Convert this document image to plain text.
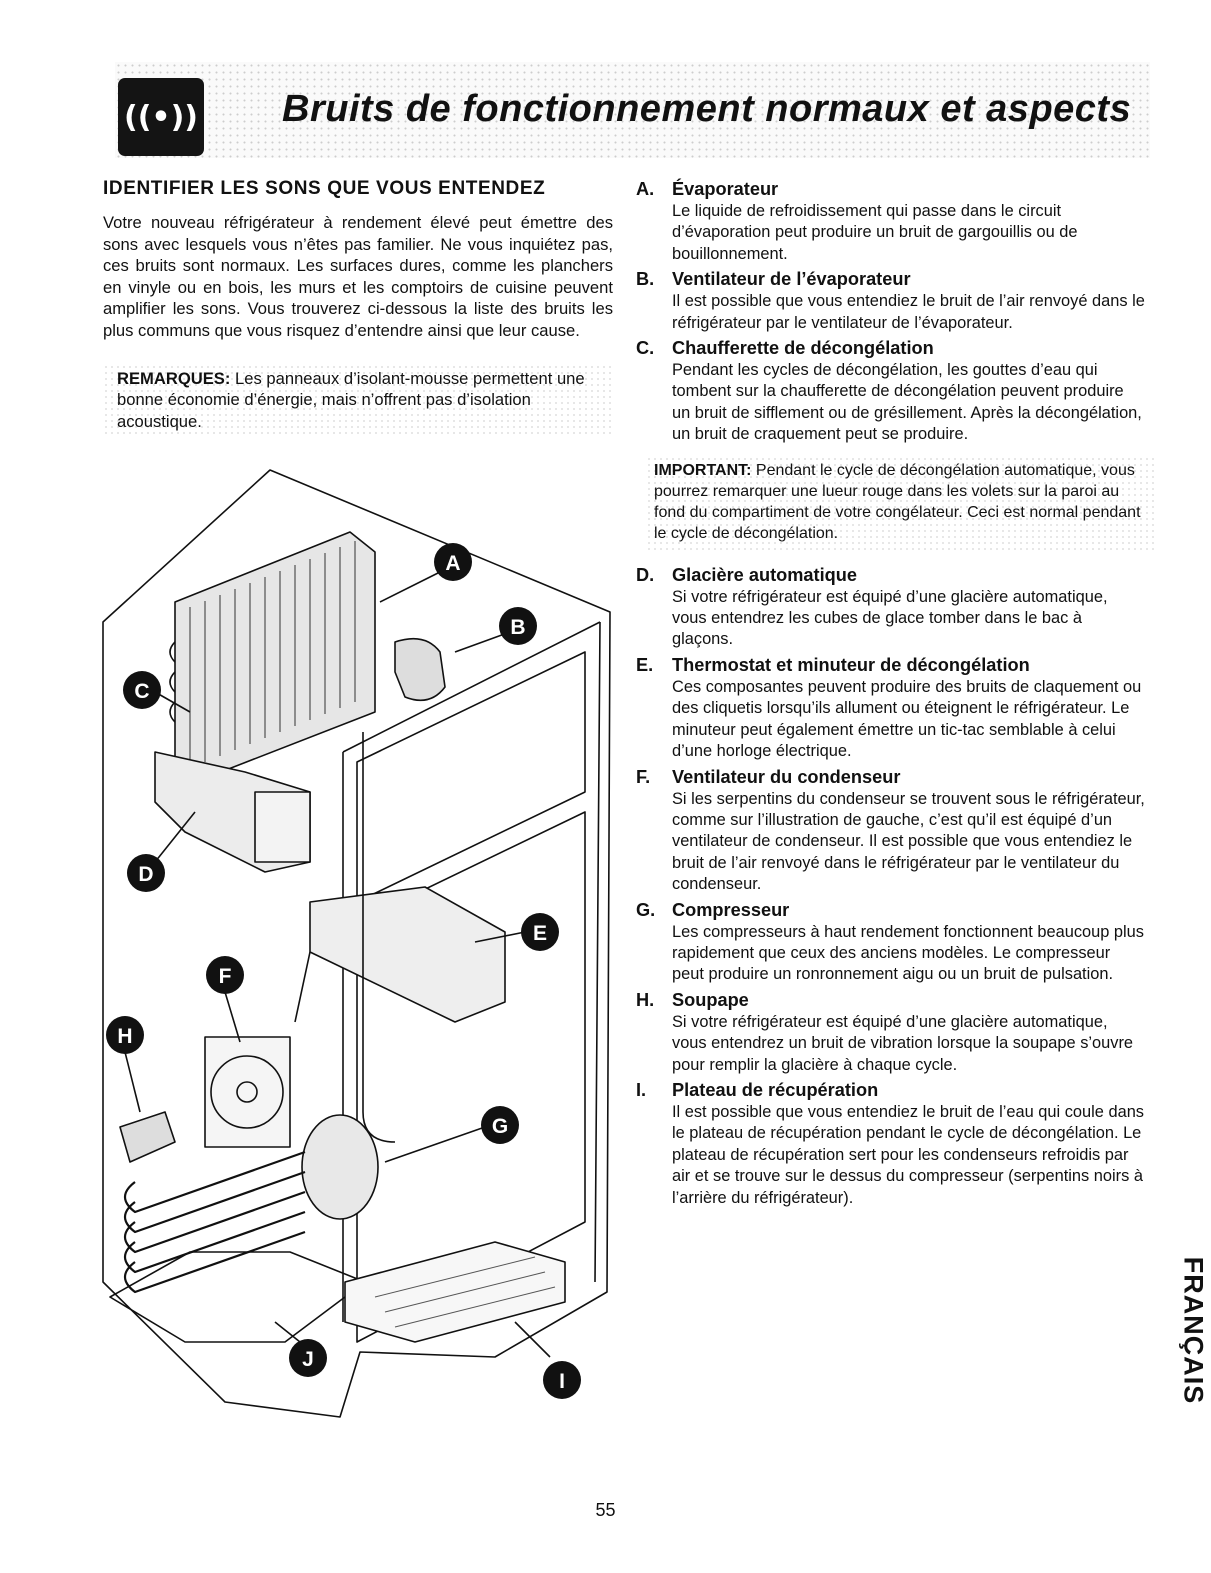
((•)) Bruits de fonctionnement normaux et aspects
IDENTIFIER LES SONS QUE VOUS ENTENDEZ

Votre nouveau réfrigérateur à rendement élevé peut émettre des sons avec lesquels vous n’êtes pas familier. Ne vous inquiétez pas, ces bruits sont normaux. Les surfaces dures, comme les planchers en vinyle ou en bois, les murs et les comptoirs de cuisine peuvent amplifier les sons. Vous trouverez ci-dessous la liste des bruits les plus communs que vous risquez d’entendre ainsi que leur cause.

REMARQUES: Les panneaux d’isolant-mousse permettent une bonne économie d’énergie, mais n’offrent pas d’isolation acoustique.
A
B
C
D
E
F
G
H
I
J
A. Évaporateur

Le liquide de refroidissement qui passe dans le circuit d’évaporation peut produire un bruit de gargouillis ou de bouillonnement.

B. Ventilateur de l’évaporateur

Il est possible que vous entendiez le bruit de l’air renvoyé dans le réfrigérateur par le ventilateur de l’évaporateur.

C. Chaufferette de décongélation

Pendant les cycles de décongélation, les gouttes d’eau qui tombent sur la chaufferette de décongélation peuvent produire un bruit de sifflement ou de grésillement. Après la décongélation, un bruit de craquement peut se produire.

IMPORTANT: Pendant le cycle de décongélation automatique, vous pourrez remarquer une lueur rouge dans les volets sur la paroi au fond du compartiment de votre congélateur. Ceci est normal pendant le cycle de décongélation.
D. Glacière automatique

Si votre réfrigérateur est équipé d’une glacière automatique, vous entendrez les cubes de glace tomber dans le bac à glaçons.

E.	Thermostat et minuteur de décongélation

Ces composantes peuvent produire des bruits de claquement ou des cliquetis lorsqu’ils allument ou éteignent le réfrigérateur. Le minuteur peut également émettre un tic-tac semblable à celui d’une horloge électrique.

F.	Ventilateur du condenseur

Si les serpentins du condenseur se trouvent sous le réfrigérateur, comme sur l’illustration de gauche, c’est qu’il est équipé d’un ventilateur de condenseur. Il est possible que vous entendiez le bruit de l’air renvoyé dans le réfrigérateur par le ventilateur du condenseur.

G. Compresseur

Les compresseurs à haut rendement fonctionnent beaucoup plus rapidement que ceux des anciens modèles. Le compresseur peut produire un ronronnement aigu ou un bruit de pulsation.

H. Soupape

Si votre réfrigérateur est équipé d’une glacière automatique, vous entendrez un bruit de vibration lorsque la soupape s’ouvre pour remplir la glacière à chaque cycle.

I.	Plateau de récupération

Il est possible que vous entendiez le bruit de l’eau qui coule dans le plateau de récupération pendant le cycle de décongélation. Le plateau de récupération sert pour les condenseurs refroidis par air et se trouve sur le dessus du compresseur (serpentins noirs à l’arrière du réfrigérateur).

FRANÇAIS
55
